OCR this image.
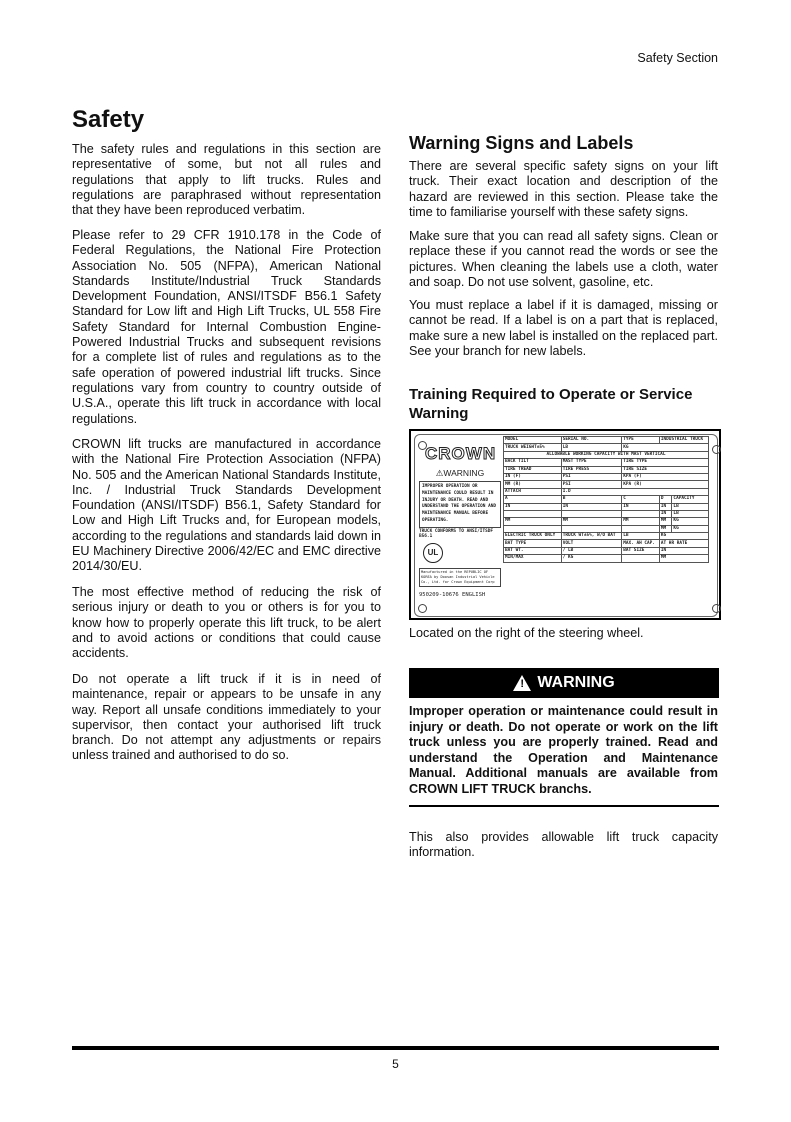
Safety Section
Safety

The safety rules and regulations in this section are representative of some, but not all rules and regulations that apply to lift trucks. Rules and regulations are paraphrased without representation that they have been reproduced verbatim.

Please refer to 29 CFR 1910.178 in the Code of Federal Regulations, the National Fire Protection Association No. 505 (NFPA), American National Standards Institute/Industrial Truck Standards Development Foundation, ANSI/ITSDF B56.1 Safety Standard for Low lift and High Lift Trucks, UL 558 Fire Safety Standard for Internal Combustion Engine-Powered Industrial Trucks and subsequent revisions for a complete list of rules and regulations as to the safe operation of powered industrial lift trucks. Since regulations vary from country to country outside of U.S.A., operate this lift truck in accordance with local regulations.

CROWN lift trucks are manufactured in accordance with the National Fire Protection Association (NFPA) No. 505 and the American National Standards Institute, Inc. / Industrial Truck Standards Development Foundation (ANSI/ITSDF) B56.1, Safety Standard for Low and High Lift Trucks and, for European models, according to the regulations and standards laid down in EU Machinery Directive 2006/42/EC and EMC directive 2014/30/EU.

The most effective method of reducing the risk of serious injury or death to you or others is for you to know how to properly operate this lift truck, to be alert and to avoid actions or conditions that could cause accidents.

Do not operate a lift truck if it is in need of maintenance, repair or appears to be unsafe in any way. Report all unsafe conditions immediately to your supervisor, then contact your authorised lift truck branch. Do not attempt any adjustments or repairs unless trained and authorised to do so.

Warning Signs and Labels

There are several specific safety signs on your lift truck. Their exact location and description of the hazard are reviewed in this section. Please take the time to familiarise yourself with these safety signs.

Make sure that you can read all safety signs. Clean or replace these if you cannot read the words or see the pictures. When cleaning the labels use a cloth, water and soap. Do not use solvent, gasoline, etc.

You must replace a label if it is damaged, missing or cannot be read. If a label is on a part that is replaced, make sure a new label is installed on the replaced part. See your branch for new labels.

Training Required to Operate or Service Warning
CROWN
⚠WARNING
IMPROPER OPERATION OR MAINTENANCE COULD RESULT IN INJURY OR DEATH. READ AND UNDERSTAND THE OPERATION AND MAINTENANCE MANUAL BEFORE OPERATING.
TRUCK CONFORMS TO ANSI/ITSDF B56.1
UL
Manufactured in the REPUBLIC OF KOREA by Doosan Industrial Vehicle Co., Ltd. for Crown Equipment Corp
950209-10676 ENGLISH
MODEL	SERIAL NO.	TYPE	INDUSTRIAL TRUCK	
TRUCK WEIGHT±5%	LB	KG		
ALLOWABLE WORKING CAPACITY WITH MAST VERTICAL				
BACK TILT	MAST TYPE	TIRE TYPE		
TIRE TREAD	TIRE PRESS	TIRE SIZE		
IN (F)	PSI	KPA (F)		
MM (R)	PSI	KPA (R)		
ATTACH	I.D			
A	B	C	D	CAPACITY
IN	IN	IN	IN	LB
			IN	LB
MM	MM	MM	MM	KG
			MM	KG
ELECTRIC TRUCK ONLY	TRUCK WT±5%, W/O BAT	LB	KG	
BAT TYPE	VOLT	MAX. AH CAP.	AT HR RATE	
BAT WT.	/ LB	BAT SIZE	IN	
MIN/MAX	/ KG		MM	

Located on the right of the steering wheel.

! WARNING

Improper operation or maintenance could result in injury or death. Do not operate or work on the lift truck unless you are properly trained. Read and understand the Operation and Maintenance Manual. Additional manuals are available from CROWN LIFT TRUCK branchs.

This also provides allowable lift truck capacity information.

5
